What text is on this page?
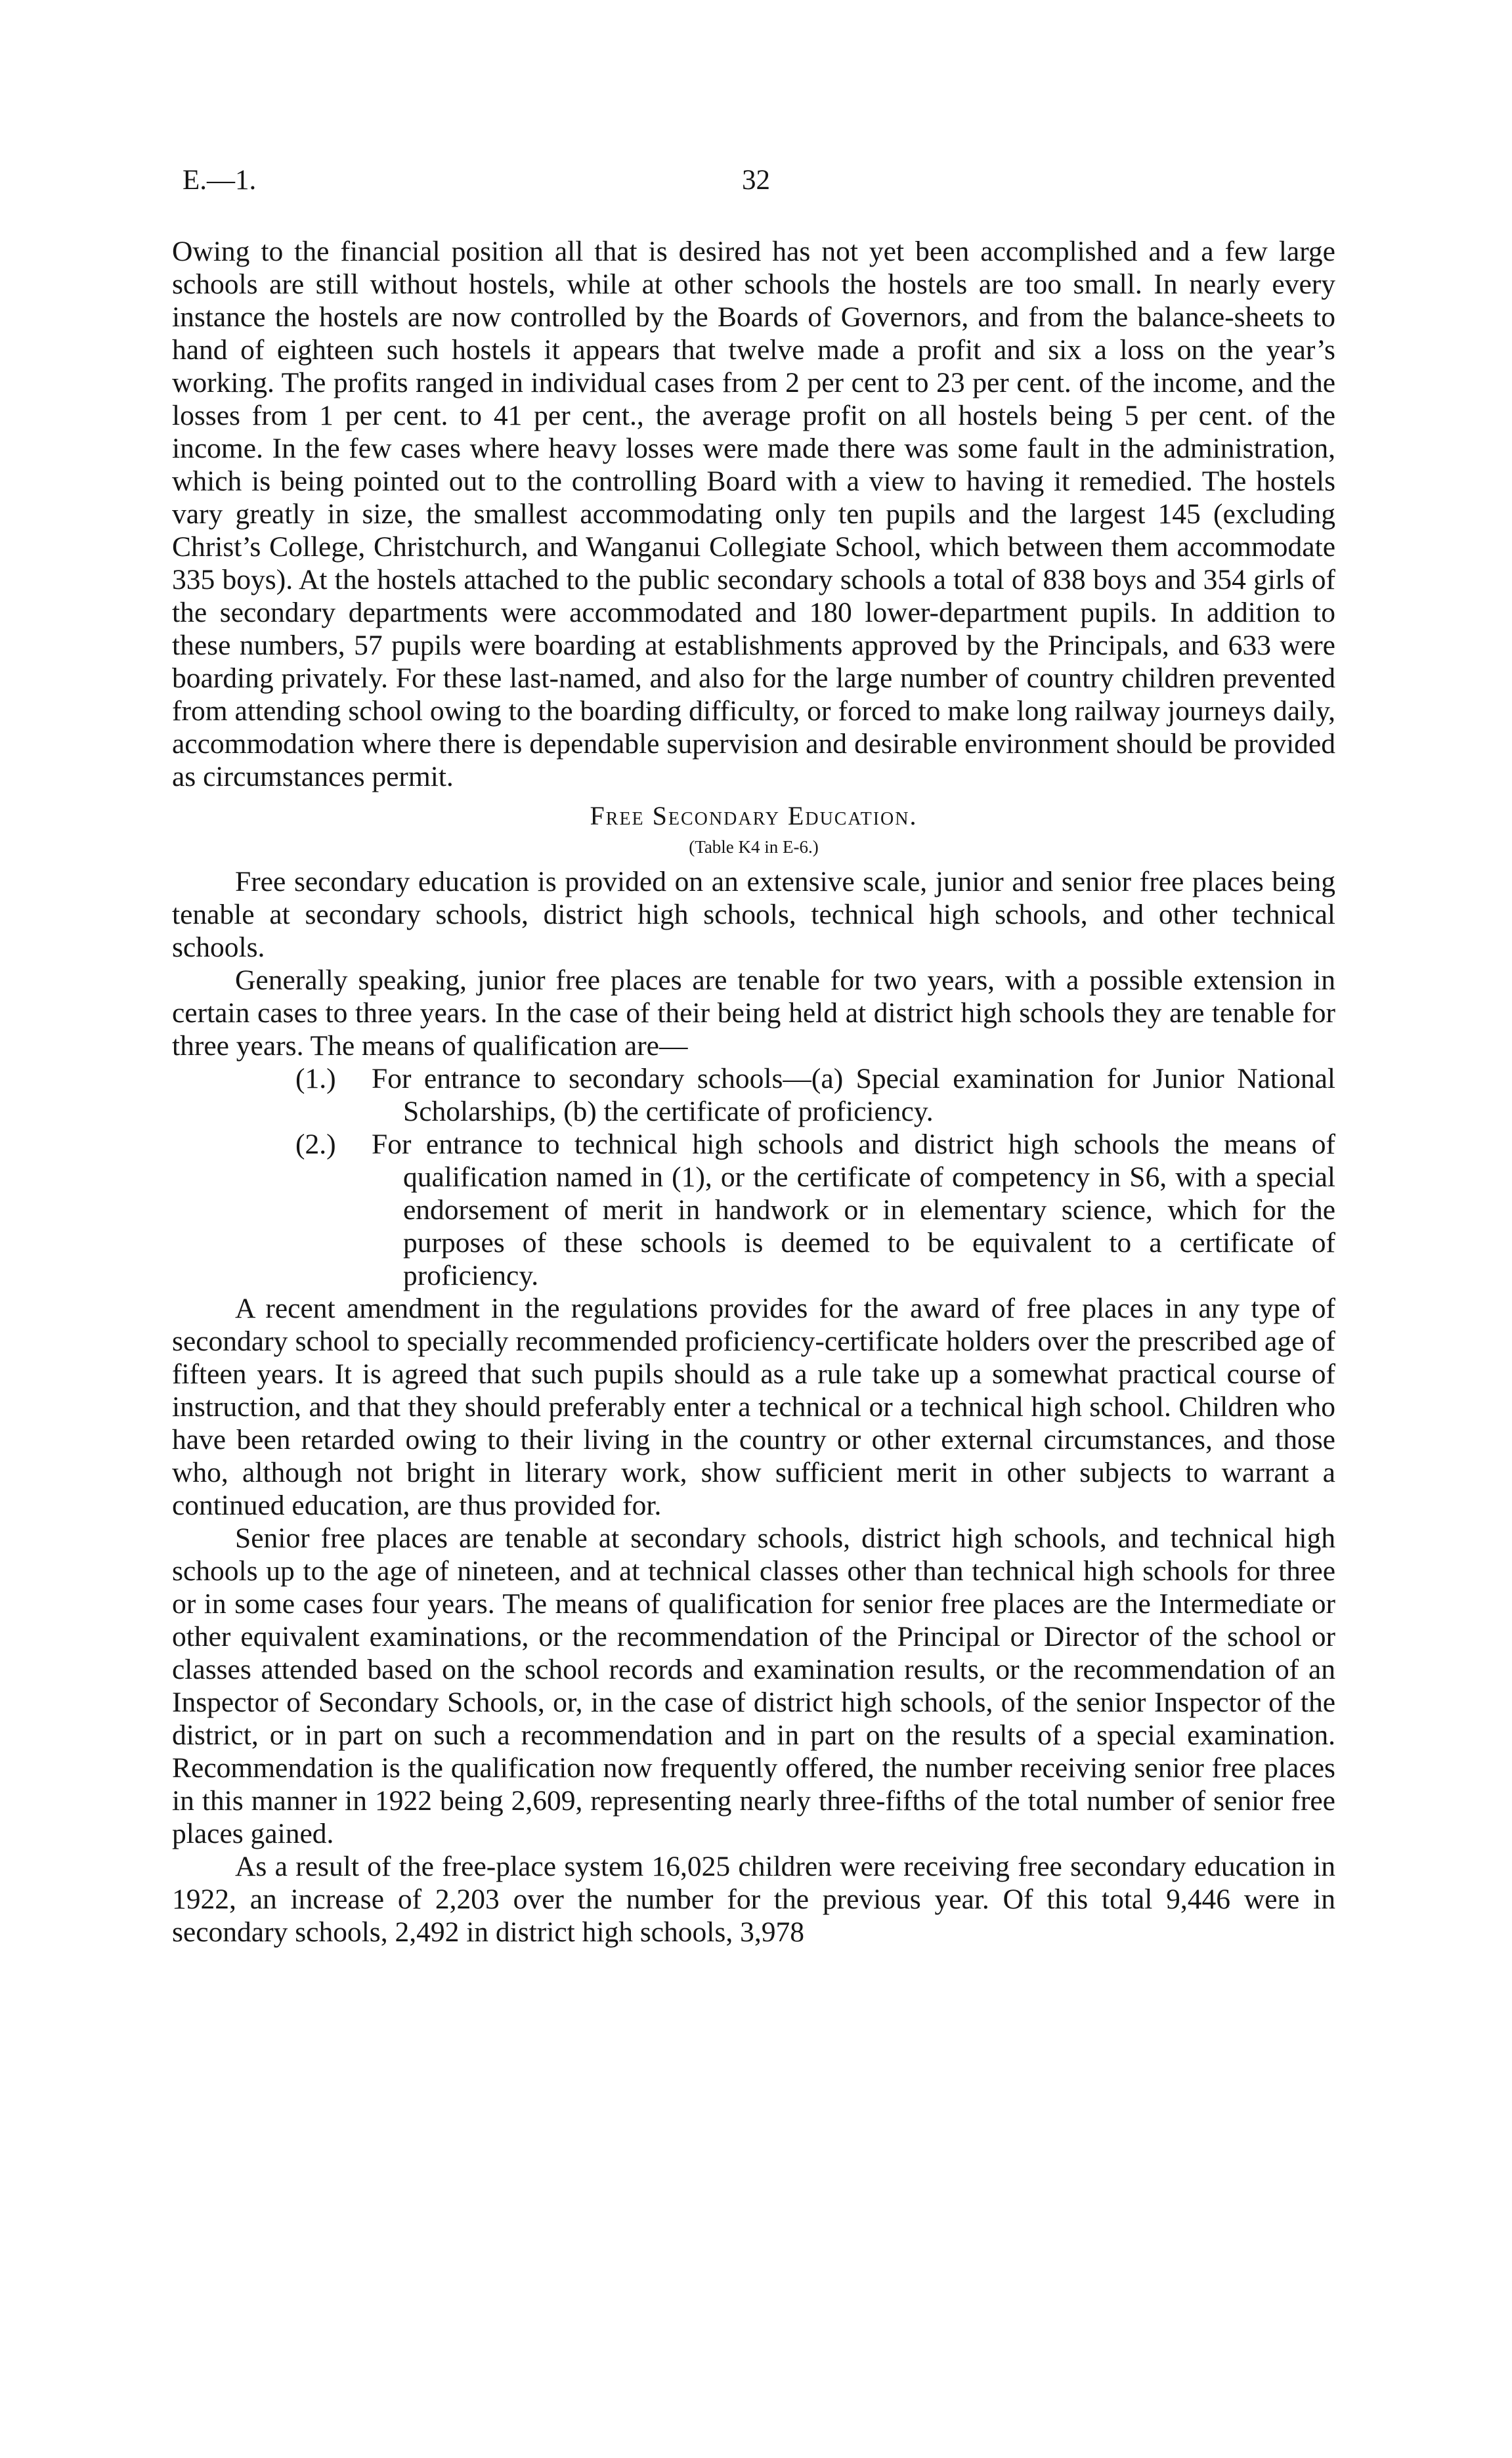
E.—1.	32

Owing to the financial position all that is desired has not yet been accomplished and a few large schools are still without hostels, while at other schools the hostels are too small. In nearly every instance the hostels are now controlled by the Boards of Governors, and from the balance-sheets to hand of eighteen such hostels it appears that twelve made a profit and six a loss on the year’s working. The profits ranged in individual cases from 2 per cent to 23 per cent. of the income, and the losses from 1 per cent. to 41 per cent., the average profit on all hostels being 5 per cent. of the income. In the few cases where heavy losses were made there was some fault in the administration, which is being pointed out to the controlling Board with a view to having it remedied. The hostels vary greatly in size, the smallest accommodating only ten pupils and the largest 145 (excluding Christ’s College, Christchurch, and Wanganui Collegiate School, which between them accommodate 335 boys). At the hostels attached to the public secondary schools a total of 838 boys and 354 girls of the secondary departments were accommodated and 180 lower-department pupils. In addition to these numbers, 57 pupils were boarding at establishments approved by the Principals, and 633 were boarding privately. For these last-named, and also for the large number of country children prevented from attending school owing to the boarding difficulty, or forced to make long railway journeys daily, accommodation where there is dependable supervision and desirable environment should be provided as circumstances permit.

Free Secondary Education.
(Table K4 in E-6.)

Free secondary education is provided on an extensive scale, junior and senior free places being tenable at secondary schools, district high schools, technical high schools, and other technical schools.

Generally speaking, junior free places are tenable for two years, with a possible extension in certain cases to three years. In the case of their being held at district high schools they are tenable for three years. The means of qualification are—

(1.) For entrance to secondary schools—(a) Special examination for Junior National Scholarships, (b) the certificate of proficiency.
(2.) For entrance to technical high schools and district high schools the means of qualification named in (1), or the certificate of competency in S6, with a special endorsement of merit in handwork or in elementary science, which for the purposes of these schools is deemed to be equivalent to a certificate of proficiency.

A recent amendment in the regulations provides for the award of free places in any type of secondary school to specially recommended proficiency-certificate holders over the prescribed age of fifteen years. It is agreed that such pupils should as a rule take up a somewhat practical course of instruction, and that they should preferably enter a technical or a technical high school. Children who have been retarded owing to their living in the country or other external circumstances, and those who, although not bright in literary work, show sufficient merit in other subjects to warrant a continued education, are thus provided for.

Senior free places are tenable at secondary schools, district high schools, and technical high schools up to the age of nineteen, and at technical classes other than technical high schools for three or in some cases four years. The means of qualification for senior free places are the Intermediate or other equivalent examinations, or the recommendation of the Principal or Director of the school or classes attended based on the school records and examination results, or the recommendation of an Inspector of Secondary Schools, or, in the case of district high schools, of the senior Inspector of the district, or in part on such a recommendation and in part on the results of a special examination. Recommendation is the qualification now frequently offered, the number receiving senior free places in this manner in 1922 being 2,609, representing nearly three-fifths of the total number of senior free places gained.

As a result of the free-place system 16,025 children were receiving free secondary education in 1922, an increase of 2,203 over the number for the previous year. Of this total 9,446 were in secondary schools, 2,492 in district high schools, 3,978
